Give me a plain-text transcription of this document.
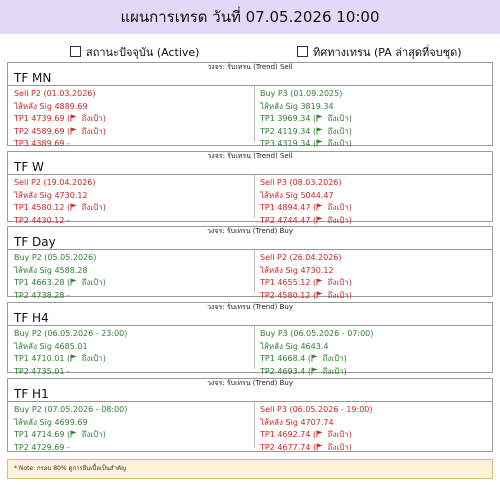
แผนการเทรด วันที่ 07.05.2026 10:00
สถานะปัจจุบัน (Active)	ทิศทางเทรน (PA ล่าสุดที่จบชุด)
วงจร: รับเทรน (Trend) Sell
TF MN
Sell P2 (01.03.2026)
ไส้หลัง Sig 4889.69
TP1 4739.69 ( ถึงเป้า)
TP2 4589.69 ( ถึงเป้า)
TP3 4389.69 -
Buy P3 (01.09.2025)
ไส้หลัง Sig 3819.34
TP1 3969.34 ( ถึงเป้า)
TP2 4119.34 ( ถึงเป้า)
TP3 4319.34 ( ถึงเป้า)
วงจร: รับเทรน (Trend) Sell
TF W
Sell P2 (19.04.2026)
ไส้หลัง Sig 4730.12
TP1 4580.12 ( ถึงเป้า)
TP2 4430.12 -
Sell P3 (08.03.2026)
ไส้หลัง Sig 5044.47
TP1 4894.47 ( ถึงเป้า)
TP2 4744.47 ( ถึงเป้า)
วงจร: รับเทรน (Trend) Buy
TF Day
Buy P2 (05.05.2026)
ไส้หลัง Sig 4588.28
TP1 4663.28 ( ถึงเป้า)
TP2 4738.28 -
Sell P2 (26.04.2026)
ไส้หลัง Sig 4730.12
TP1 4655.12 ( ถึงเป้า)
TP2 4580.12 ( ถึงเป้า)
วงจร: รับเทรน (Trend) Buy
TF H4
Buy P2 (06.05.2026 - 23:00)
ไส้หลัง Sig 4685.01
TP1 4710.01 ( ถึงเป้า)
TP2 4735.01 -
Buy P3 (06.05.2026 - 07:00)
ไส้หลัง Sig 4643.4
TP1 4668.4 ( ถึงเป้า)
TP2 4693.4 ( ถึงเป้า)
วงจร: รับเทรน (Trend) Buy
TF H1
Buy P2 (07.05.2026 - 08:00)
ไส้หลัง Sig 4699.69
TP1 4714.69 ( ถึงเป้า)
TP2 4729.69 -
Sell P3 (06.05.2026 - 19:00)
ไส้หลัง Sig 4707.74
TP1 4692.74 ( ถึงเป้า)
TP2 4677.74 ( ถึงเป้า)
* Note: กรอบ 80% ดูการยืนเนื้อเป็นสำคัญ
